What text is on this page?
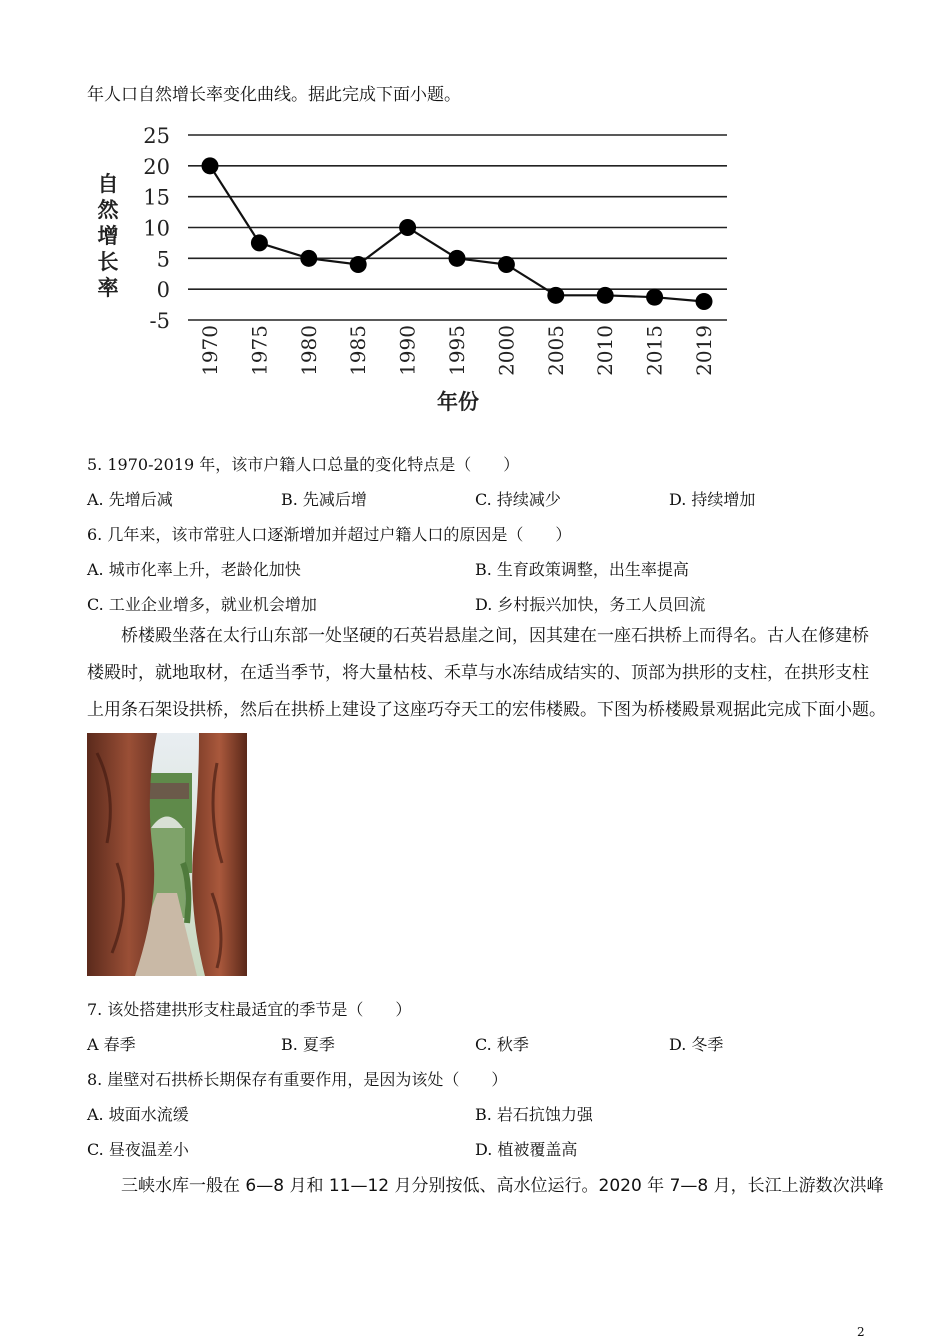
年人口自然增长率变化曲线。据此完成下面小题。
25
20
15
10
5
0
-5
1970 1975 1980 1985 1990 1995 2000 2005 2010 2015 2019
自然增长率
年份
5. 1970-2019 年，该市户籍人口总量的变化特点是（　　）
A. 先增后减	B. 先减后增	C. 持续减少	D. 持续增加
6. 几年来，该市常驻人口逐渐增加并超过户籍人口的原因是（　　）
A. 城市化率上升，老龄化加快	B. 生育政策调整，出生率提高
C. 工业企业增多，就业机会增加	D. 乡村振兴加快，务工人员回流
　　桥楼殿坐落在太行山东部一处坚硬的石英岩悬崖之间，因其建在一座石拱桥上而得名。古人在修建桥
楼殿时，就地取材，在适当季节，将大量枯枝、禾草与水冻结成结实的、顶部为拱形的支柱，在拱形支柱
上用条石架设拱桥，然后在拱桥上建设了这座巧夺天工的宏伟楼殿。下图为桥楼殿景观据此完成下面小题。
7. 该处搭建拱形支柱最适宜的季节是（　　）
A 春季	B. 夏季	C. 秋季	D. 冬季
8. 崖壁对石拱桥长期保存有重要作用，是因为该处（　　）
A. 坡面水流缓	B. 岩石抗蚀力强
C. 昼夜温差小	D. 植被覆盖高
　　三峡水库一般在 6—8 月和 11—12 月分别按低、高水位运行。2020 年 7—8 月，长江上游数次洪峰
2
